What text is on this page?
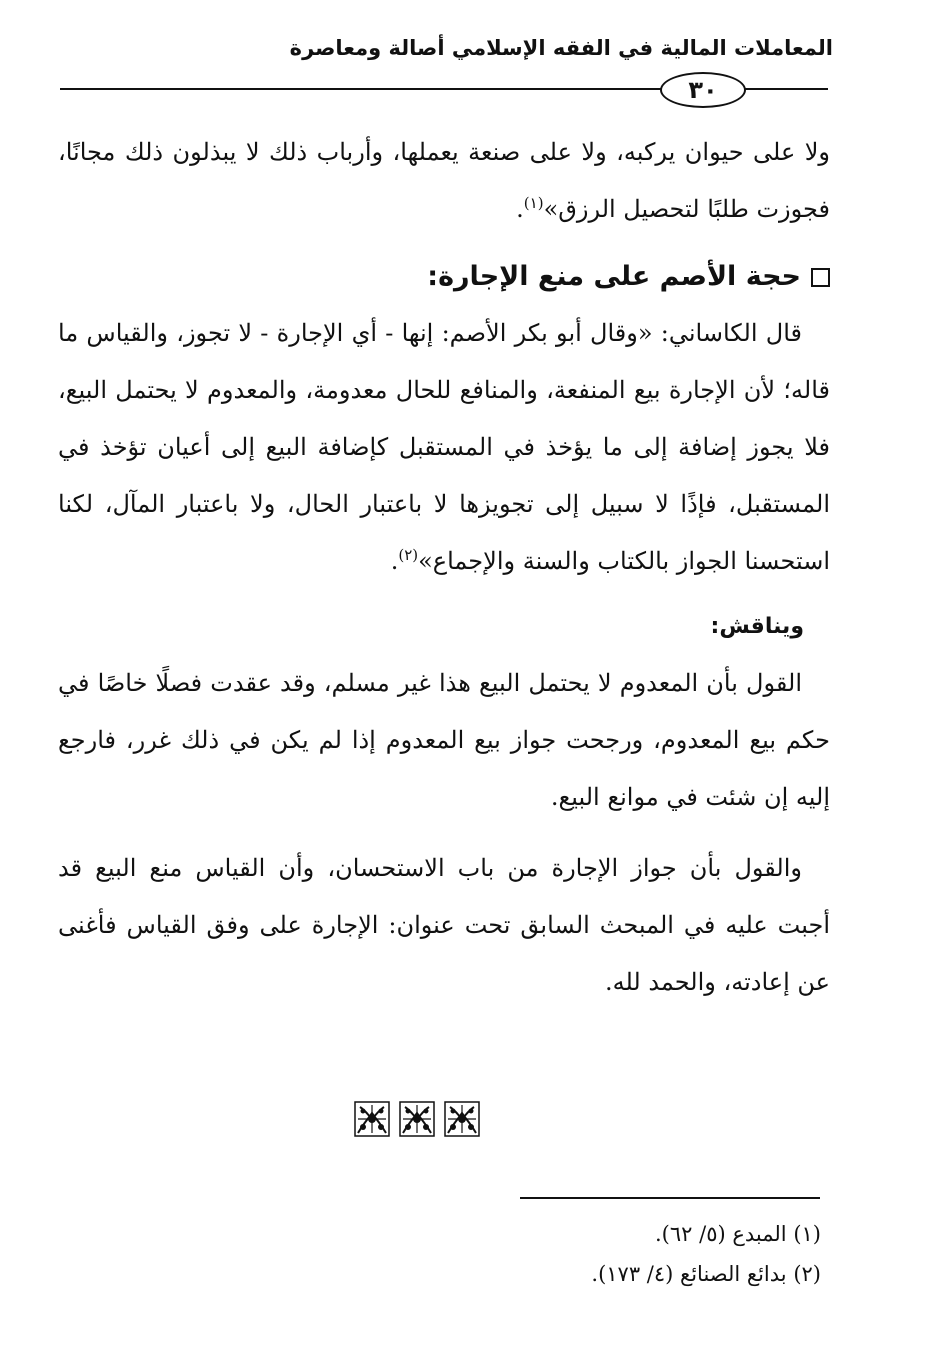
المعاملات المالية في الفقه الإسلامي أصالة ومعاصرة
٣٠

ولا على حيوان يركبه، ولا على صنعة يعملها، وأرباب ذلك لا يبذلون ذلك مجانًا، فجوزت طلبًا لتحصيل الرزق»$^{(١)}$.

حجة الأصم على منع الإجارة:

قال الكاساني: «وقال أبو بكر الأصم: إنها - أي الإجارة - لا تجوز، والقياس ما قاله؛ لأن الإجارة بيع المنفعة، والمنافع للحال معدومة، والمعدوم لا يحتمل البيع، فلا يجوز إضافة إلى ما يؤخذ في المستقبل كإضافة البيع إلى أعيان تؤخذ في المستقبل، فإذًا لا سبيل إلى تجويزها لا باعتبار الحال، ولا باعتبار المآل، لكنا استحسنا الجواز بالكتاب والسنة والإجماع»$^{(٢)}$.

ويناقش:

القول بأن المعدوم لا يحتمل البيع هذا غير مسلم، وقد عقدت فصلًا خاصًا في حكم بيع المعدوم، ورجحت جواز بيع المعدوم إذا لم يكن في ذلك غرر، فارجع إليه إن شئت في موانع البيع.

والقول بأن جواز الإجارة من باب الاستحسان، وأن القياس منع البيع قد أجبت عليه في المبحث السابق تحت عنوان: الإجارة على وفق القياس فأغنى عن إعادته، والحمد لله.

(١) المبدع (٥/ ٦٢).

(٢) بدائع الصنائع (٤/ ١٧٣).
